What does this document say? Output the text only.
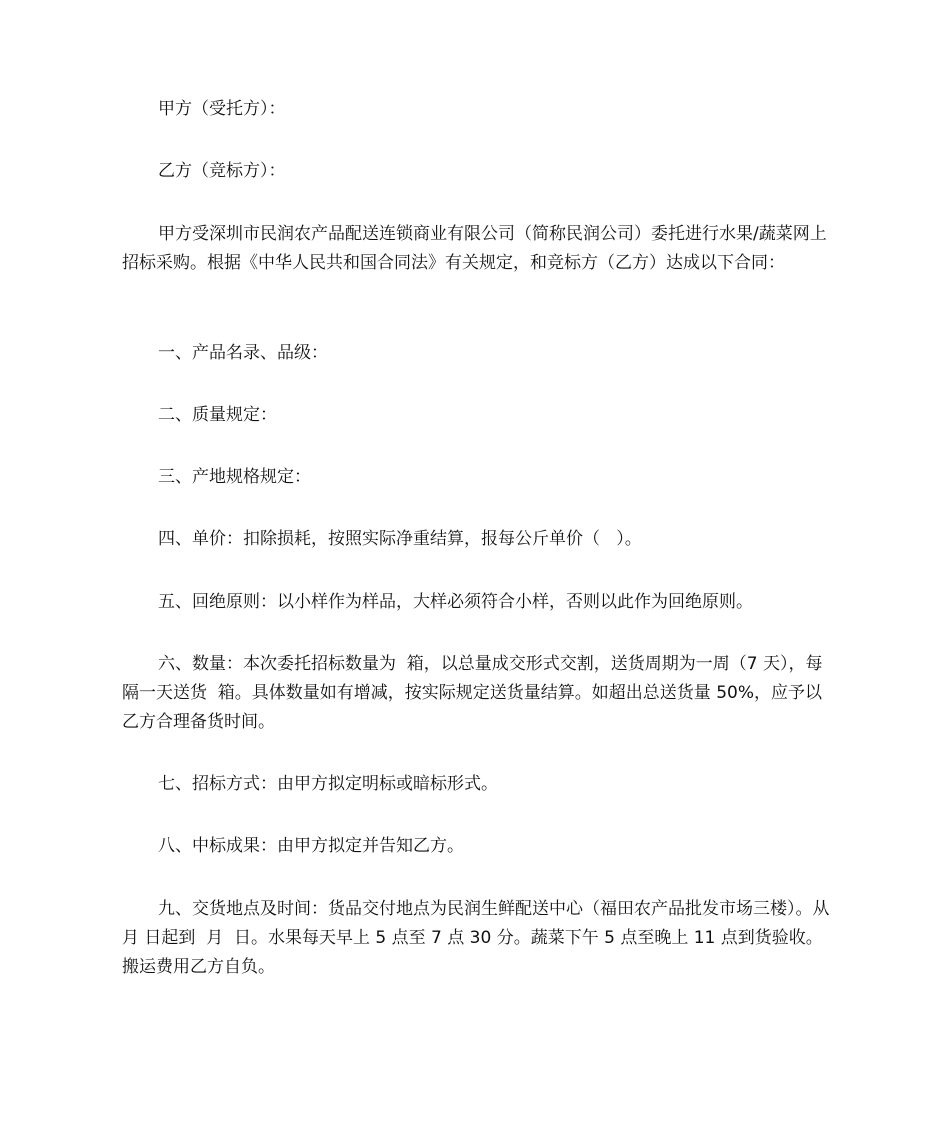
甲方（受托方）：

乙方（竞标方）：

甲方受深圳市民润农产品配送连锁商业有限公司（简称民润公司）委托进行水果/蔬菜网上招标采购。根据《中华人民共和国合同法》有关规定，和竞标方（乙方）达成以下合同：

一、产品名录、品级：

二、质量规定：

三、产地规格规定：

四、单价：扣除损耗，按照实际净重结算，报每公斤单价（   ）。

五、回绝原则：以小样作为样品，大样必须符合小样，否则以此作为回绝原则。

六、数量：本次委托招标数量为  箱，以总量成交形式交割，送货周期为一周（7 天），每隔一天送货  箱。具体数量如有增减，按实际规定送货量结算。如超出总送货量 50%，应予以乙方合理备货时间。

七、招标方式：由甲方拟定明标或暗标形式。

八、中标成果：由甲方拟定并告知乙方。

九、交货地点及时间：货品交付地点为民润生鲜配送中心（福田农产品批发市场三楼）。从 月 日起到  月  日。水果每天早上 5 点至 7 点 30 分。蔬菜下午 5 点至晚上 11 点到货验收。搬运费用乙方自负。
